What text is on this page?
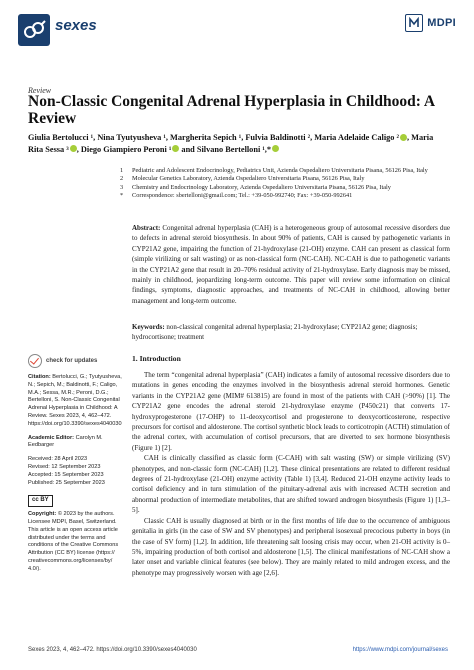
sexes	MDPI
Review
Non-Classic Congenital Adrenal Hyperplasia in Childhood: A Review
Giulia Bertolucci ¹, Nina Tyutyusheva ¹, Margherita Sepich ¹, Fulvia Baldinotti ², Maria Adelaide Caligo ² , Maria Rita Sessa ³ , Diego Giampiero Peroni ¹ and Silvano Bertelloni ¹,*
1	Pediatric and Adolescent Endocrinology, Pediatrics Unit, Azienda Ospedaliero Universitaria Pisana, 56126 Pisa, Italy
2	Molecular Genetics Laboratory, Azienda Ospedaliero Universitaria Pisana, 56126 Pisa, Italy
3	Chemistry and Endocrinology Laboratory, Azienda Ospedaliero Universitaria Pisana, 56126 Pisa, Italy
*	Correspondence: sbertelloni@gmail.com; Tel.: +39-050-992740; Fax: +39-050-992641
Abstract: Congenital adrenal hyperplasia (CAH) is a heterogeneous group of autosomal recessive disorders due to defects in adrenal steroid biosynthesis. In about 90% of patients, CAH is caused by pathogenetic variants in CYP21A2 gene, impairing the function of 21-hydroxylase (21-OH) enzyme. CAH can present as classical form (simple virilizing or salt wasting) or as non-classical form (NC-CAH). NC-CAH is due to pathogenetic variants in the CYP21A2 gene that result in 20–70% residual activity of 21-hydroxylase. Early diagnosis may be missed, mainly in childhood, jeopardizing long-term outcome. This paper will review some information on clinical findings, symptoms, diagnostic approaches, and treatments of NC-CAH in childhood, allowing better management and long-term outcome.
Keywords: non-classical congenital adrenal hyperplasia; 21-hydroxylase; CYP21A2 gene; diagnosis; hydrocortisone; treatment
1. Introduction

The term “congenital adrenal hyperplasia” (CAH) indicates a family of autosomal recessive disorders due to mutations in genes encoding the enzymes involved in the biosynthesis adrenal steroid hormones. Genetic variants in the CYP21A2 gene (MIM# 613815) are found in most of the patients with CAH (>90%) [1]. The CYP21A2 gene encodes the adrenal steroid 21-hydroxylase enzyme (P450c21) that converts 17-hydroxyprogesterone (17-OHP) to 11-deoxycortisol and progesterone to deoxycorticosterone, respective precursors for cortisol and aldosterone. The cortisol synthetic block leads to corticotropin (ACTH) stimulation of the adrenal cortex, with accumulation of cortisol precursors, that are diverted to sex hormone biosynthesis (Figure 1) [2].

CAH is clinically classified as classic form (C-CAH) with salt wasting (SW) or simple virilizing (SV) phenotypes, and non-classic form (NC-CAH) [1,2]. These clinical presentations are related to different residual degrees of 21-hydroxylase (21-OH) enzyme activity (Table 1) [3,4]. Reduced 21-OH enzyme activity leads to cortisol deficiency and in turn stimulation of the pituitary-adrenal axis with increased ACTH secretion and abnormal production of intermediate metabolites, that are shifted toward androgen biosynthesis (Figure 1) [1,3–5].

Classic CAH is usually diagnosed at birth or in the first months of life due to the occurrence of ambiguous genitalia in girls (in the case of SW and SV phenotypes) and peripheral isosexual precocious puberty in boys (in the case of SV form) [1,2]. In addition, life threatening salt loosing crisis may occur, when 21-OH activity is 0–5%, impairing production of both cortisol and aldosterone [1,5]. The clinical manifestations of NC-CAH show a later onset and variable clinical features (see below). They are mainly related to mild androgen excess, and the phenotype may progressively worsen with age [2,6].

check for updates
Citation: Bertolucci, G.; Tyutyusheva, N.; Sepich, M.; Baldinotti, F.; Caligo, M.A.; Sessa, M.R.; Peroni, D.G.; Bertelloni, S. Non-Classic Congenital Adrenal Hyperplasia in Childhood: A Review. Sexes 2023, 4, 462–472. https://doi.org/10.3390/sexes4040030
Academic Editor: Carolyn M. Eedbarger
Received: 28 April 2023
Revised: 12 September 2023
Accepted: 15 September 2023
Published: 25 September 2023
cc BY
Copyright: © 2023 by the authors. Licensee MDPI, Basel, Switzerland. This article is an open access article distributed under the terms and conditions of the Creative Commons Attribution (CC BY) license (https:// creativecommons.org/licenses/by/ 4.0/).
Sexes 2023, 4, 462–472. https://doi.org/10.3390/sexes4040030	https://www.mdpi.com/journal/sexes
